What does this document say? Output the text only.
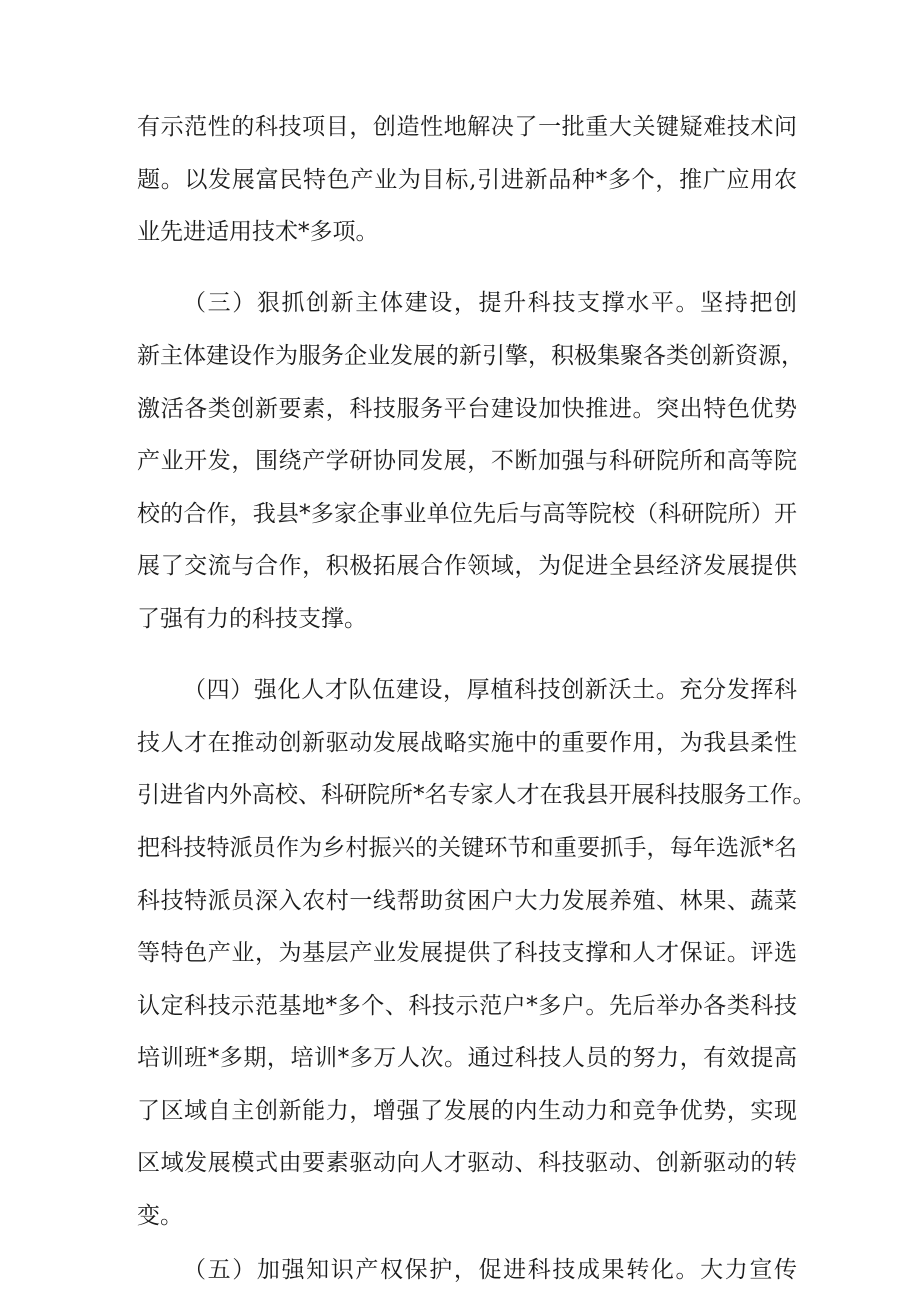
有示范性的科技项目，创造性地解决了一批重大关键疑难技术问
题。以发展富民特色产业为目标,引进新品种*多个，推广应用农
业先进适用技术*多项。
（三）狠抓创新主体建设，提升科技支撑水平。坚持把创
新主体建设作为服务企业发展的新引擎，积极集聚各类创新资源，
激活各类创新要素，科技服务平台建设加快推进。突出特色优势
产业开发，围绕产学研协同发展，不断加强与科研院所和高等院
校的合作，我县*多家企事业单位先后与高等院校（科研院所）开
展了交流与合作，积极拓展合作领域，为促进全县经济发展提供
了强有力的科技支撑。
（四）强化人才队伍建设，厚植科技创新沃土。充分发挥科
技人才在推动创新驱动发展战略实施中的重要作用，为我县柔性
引进省内外高校、科研院所*名专家人才在我县开展科技服务工作。
把科技特派员作为乡村振兴的关键环节和重要抓手，每年选派*名
科技特派员深入农村一线帮助贫困户大力发展养殖、林果、蔬菜
等特色产业，为基层产业发展提供了科技支撑和人才保证。评选
认定科技示范基地*多个、科技示范户*多户。先后举办各类科技
培训班*多期，培训*多万人次。通过科技人员的努力，有效提高
了区域自主创新能力，增强了发展的内生动力和竞争优势，实现
区域发展模式由要素驱动向人才驱动、科技驱动、创新驱动的转
变。
（五）加强知识产权保护，促进科技成果转化。大力宣传
